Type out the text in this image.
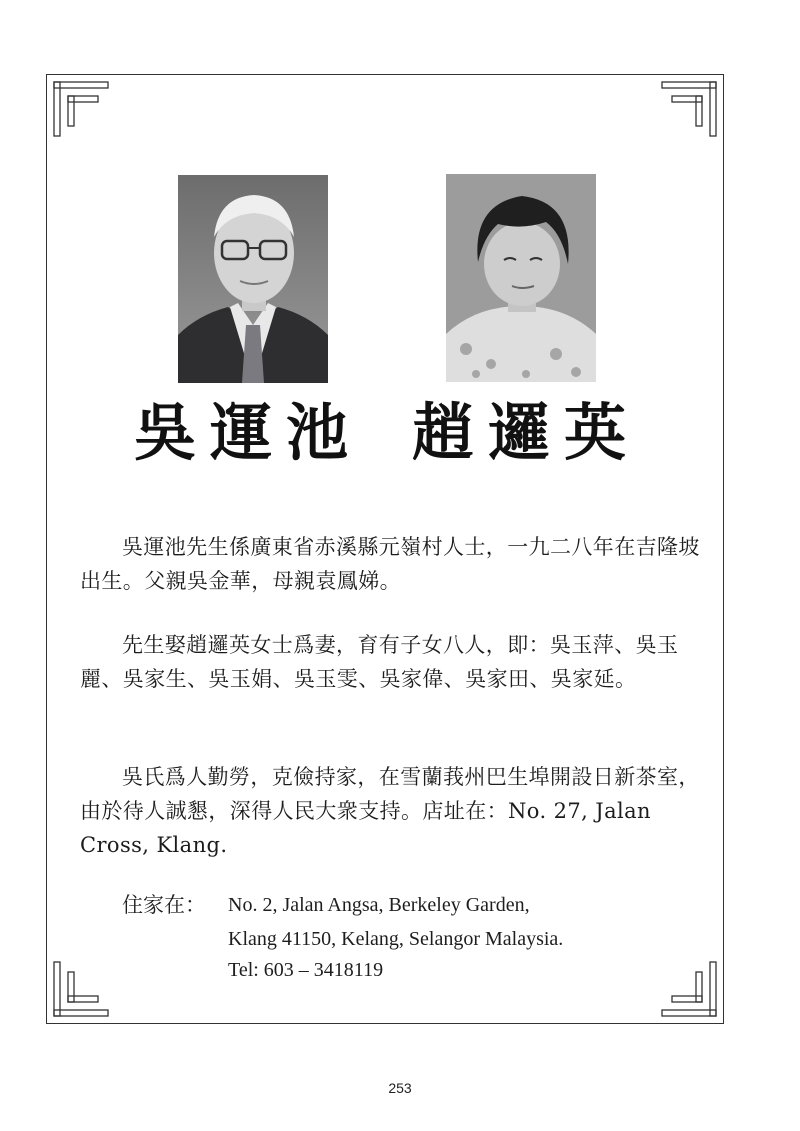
吳運池 趙邏英
吳運池先生係廣東省赤溪縣元嶺村人士，一九二八年在吉隆坡出生。父親吳金華，母親袁鳳娣。
先生娶趙邏英女士爲妻，育有子女八人，即：吳玉萍、吳玉麗、吳家生、吳玉娟、吳玉雯、吳家偉、吳家田、吳家延。
吳氏爲人勤勞，克儉持家，在雪蘭莪州巴生埠開設日新茶室，由於待人誠懇，深得人民大衆支持。店址在：No. 27, Jalan Cross, Klang.
住家在： No. 2, Jalan Angsa, Berkeley Garden,
Klang 41150, Kelang, Selangor Malaysia.
Tel: 603 – 3418119
253
